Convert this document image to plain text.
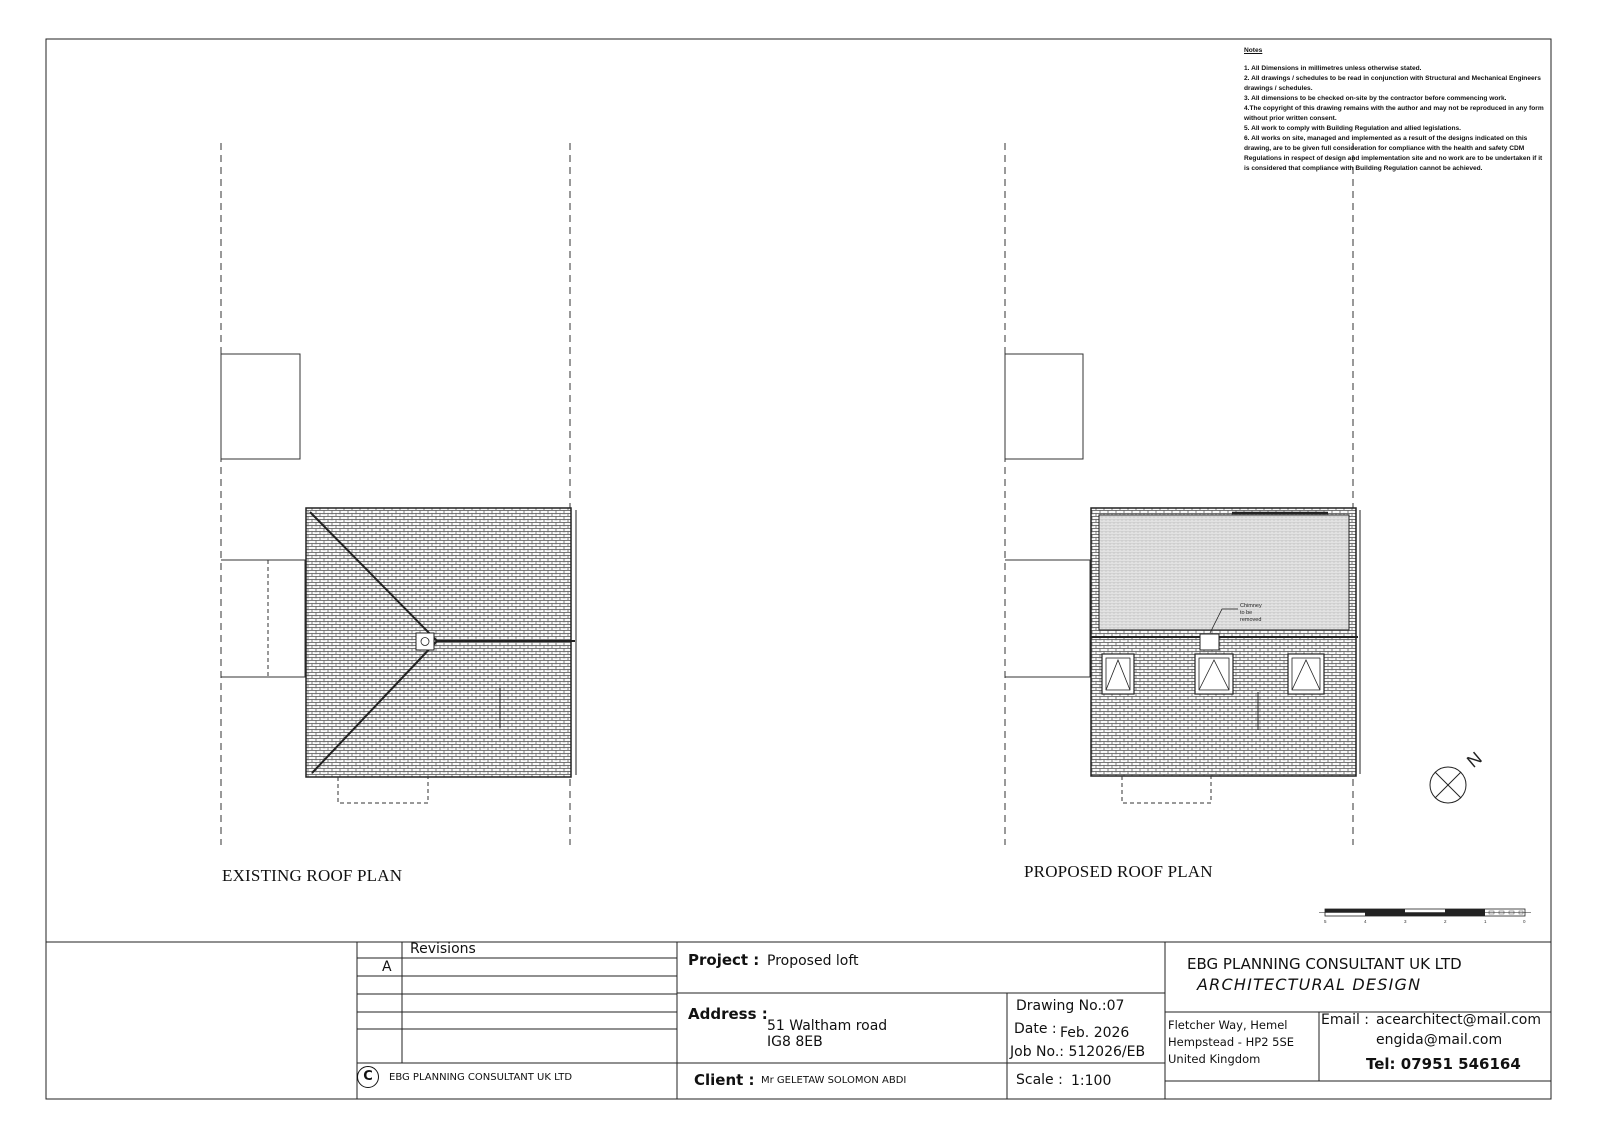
Chimney
to be
removed
N
5	4	3	2	1	0
Notes
1. All Dimensions in millimetres unless otherwise stated.
2. All drawings / schedules to be read in conjunction with Structural and Mechanical Engineers drawings / schedules.
3. All dimensions to be checked on-site by the contractor before commencing work.
4.The copyright of this drawing remains with the author and may not be reproduced in any form without prior written consent.
5. All work to comply with Building Regulation and allied legislations.
6. All works on site, managed and implemented as a result of the designs indicated on this drawing, are to be given full consideration for compliance with the health and safety CDM Regulations in respect of design and implementation site and no work are to be undertaken if it is considered that compliance with Building Regulation cannot be achieved.
EXISTING ROOF PLAN	PROPOSED ROOF PLAN
Revisions
A
C	EBG PLANNING CONSULTANT UK LTD
Project : Proposed loft
Address :
51 Waltham road
IG8 8EB
Client : Mr GELETAW SOLOMON ABDI
Drawing No.:07
Date : Feb. 2026
Job No.: 512026/EB
Scale : 1:100
EBG PLANNING CONSULTANT UK LTD
ARCHITECTURAL DESIGN
Fletcher Way, Hemel
Hempstead - HP2 5SE
United Kingdom
Email : acearchitect@mail.com
engida@mail.com
Tel: 07951 546164
